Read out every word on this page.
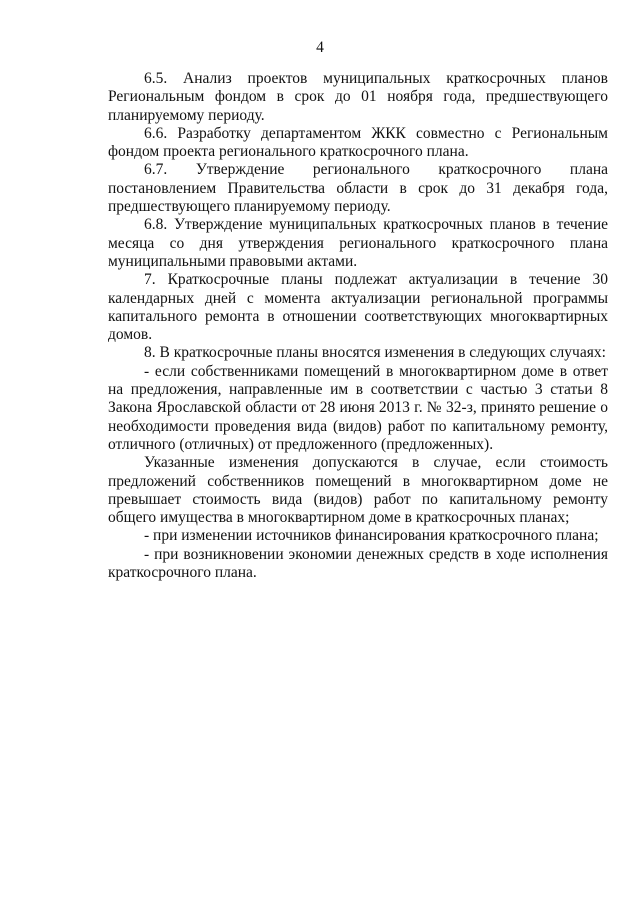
4

6.5. Анализ проектов муниципальных краткосрочных планов Региональным фондом в срок до 01 ноября года, предшествующего планируемому периоду.

6.6. Разработку департаментом ЖКК совместно с Региональным фондом проекта регионального краткосрочного плана.

6.7. Утверждение регионального краткосрочного плана постановлением Правительства области в срок до 31 декабря года, предшествующего планируемому периоду.

6.8. Утверждение муниципальных краткосрочных планов в течение месяца со дня утверждения регионального краткосрочного плана муниципальными правовыми актами.

7. Краткосрочные планы подлежат актуализации в течение 30 календарных дней с момента актуализации региональной программы капитального ремонта в отношении соответствующих многоквартирных домов.

8. В краткосрочные планы вносятся изменения в следующих случаях:

- если собственниками помещений в многоквартирном доме в ответ на предложения, направленные им в соответствии с частью 3 статьи 8 Закона Ярославской области от 28 июня 2013 г. № 32-з, принято решение о необходимости проведения вида (видов) работ по капитальному ремонту, отличного (отличных) от предложенного (предложенных).

Указанные изменения допускаются в случае, если стоимость предложений собственников помещений в многоквартирном доме не превышает стоимость вида (видов) работ по капитальному ремонту общего имущества в многоквартирном доме в краткосрочных планах;

- при изменении источников финансирования краткосрочного плана;

- при возникновении экономии денежных средств в ходе исполнения краткосрочного плана.
